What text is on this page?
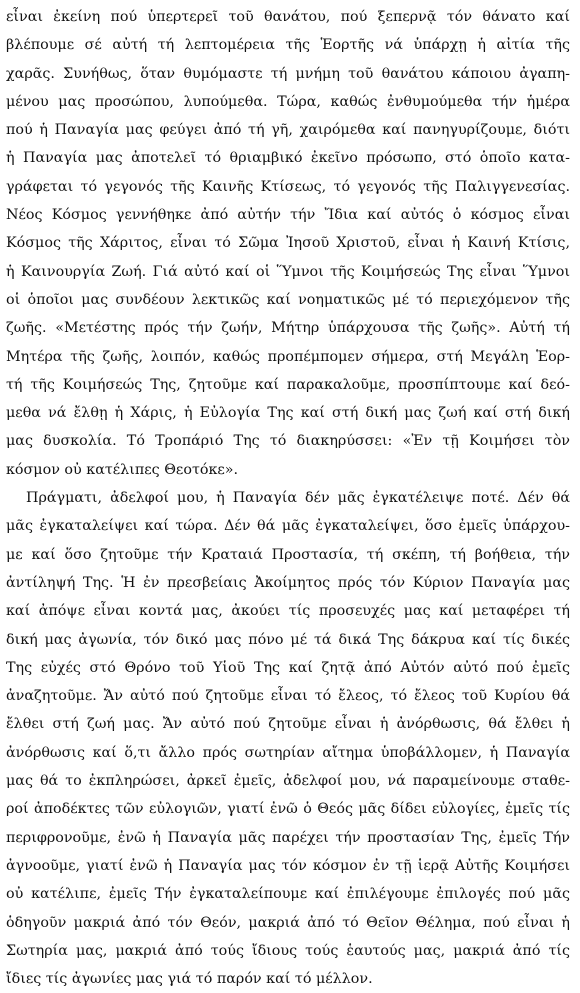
εἶναι ἐκείνη πού ὑπερτερεῖ τοῦ θανάτου, πού ξεπερνᾷ τόν θάνατο καί
βλέπουμε σέ αὐτή τή λεπτομέρεια τῆς Ἑορτῆς νά ὑπάρχῃ ἡ αἰτία τῆς
χαρᾶς. Συνήθως, ὅταν θυμόμαστε τή μνήμη τοῦ θανάτου κάποιου ἀγαπη-
μένου μας προσώπου, λυπούμεθα. Τώρα, καθώς ἐνθυμούμεθα τήν ἡμέρα
πού ἡ Παναγία μας φεύγει ἀπό τή γῆ, χαιρόμεθα καί πανηγυρίζουμε, διότι
ἡ Παναγία μας ἀποτελεῖ τό θριαμβικό ἐκεῖνο πρόσωπο, στό ὁποῖο κατα-
γράφεται τό γεγονός τῆς Καινῆς Κτίσεως, τό γεγονός τῆς Παλιγγενεσίας.
Νέος Κόσμος γεννήθηκε ἀπό αὐτήν τήν Ἴδια καί αὐτός ὁ κόσμος εἶναι
Κόσμος τῆς Χάριτος, εἶναι τό Σῶμα Ἰησοῦ Χριστοῦ, εἶναι ἡ Καινή Κτίσις,
ἡ Καινουργία Ζωή. Γιά αὐτό καί οἱ Ὕμνοι τῆς Κοιμήσεώς Της εἶναι Ὕμνοι
οἱ ὁποῖοι μας συνδέουν λεκτικῶς καί νοηματικῶς μέ τό περιεχόμενον τῆς
ζωῆς. «Μετέστης πρός τήν ζωήν, Μήτηρ ὑπάρχουσα τῆς ζωῆς». Αὐτή τή
Μητέρα τῆς ζωῆς, λοιπόν, καθώς προπέμπομεν σήμερα, στή Μεγάλη Ἑορ-
τή τῆς Κοιμήσεώς Της, ζητοῦμε καί παρακαλοῦμε, προσπίπτουμε καί δεό-
μεθα νά ἔλθῃ ἡ Χάρις, ἡ Εὐλογία Της καί στή δική μας ζωή καί στή δική
μας δυσκολία. Τό Τροπάριό Της τό διακηρύσσει: «Ἐν τῇ Κοιμήσει τὸν
κόσμον οὐ κατέλιπες Θεοτόκε».
Πράγματι, ἀδελφοί μου, ἡ Παναγία δέν μᾶς ἐγκατέλειψε ποτέ. Δέν θά
μᾶς ἐγκαταλείψει καί τώρα. Δέν θά μᾶς ἐγκαταλείψει, ὅσο ἐμεῖς ὑπάρχου-
με καί ὅσο ζητοῦμε τήν Κραταιά Προστασία, τή σκέπη, τή βοήθεια, τήν
ἀντίληψή Της. Ἡ ἐν πρεσβείαις Ἀκοίμητος πρός τόν Κύριον Παναγία μας
καί ἀπόψε εἶναι κοντά μας, ἀκούει τίς προσευχές μας καί μεταφέρει τή
δική μας ἀγωνία, τόν δικό μας πόνο μέ τά δικά Της δάκρυα καί τίς δικές
Της εὐχές στό Θρόνο τοῦ Υἱοῦ Της καί ζητᾷ ἀπό Αὐτόν αὐτό πού ἐμεῖς
ἀναζητοῦμε. Ἄν αὐτό πού ζητοῦμε εἶναι τό ἔλεος, τό ἔλεος τοῦ Κυρίου θά
ἔλθει στή ζωή μας. Ἄν αὐτό πού ζητοῦμε εἶναι ἡ ἀνόρθωσις, θά ἔλθει ἡ
ἀνόρθωσις καί ὅ,τι ἄλλο πρός σωτηρίαν αἴτημα ὑποβάλλομεν, ἡ Παναγία
μας θά το ἐκπληρώσει, ἀρκεῖ ἐμεῖς, ἀδελφοί μου, νά παραμείνουμε σταθε-
ροί ἀποδέκτες τῶν εὐλογιῶν, γιατί ἐνῶ ὁ Θεός μᾶς δίδει εὐλογίες, ἐμεῖς τίς
περιφρονοῦμε, ἐνῶ ἡ Παναγία μᾶς παρέχει τήν προστασίαν Της, ἐμεῖς Τήν
ἀγνοοῦμε, γιατί ἐνῶ ἡ Παναγία μας τόν κόσμον ἐν τῇ ἱερᾷ Αὐτῆς Κοιμήσει
οὐ κατέλιπε, ἐμεῖς Τήν ἐγκαταλείπουμε καί ἐπιλέγουμε ἐπιλογές πού μᾶς
ὁδηγοῦν μακριά ἀπό τόν Θεόν, μακριά ἀπό τό Θεῖον Θέλημα, πού εἶναι ἡ
Σωτηρία μας, μακριά ἀπό τούς ἴδιους τούς ἑαυτούς μας, μακριά ἀπό τίς
ἴδιες τίς ἀγωνίες μας γιά τό παρόν καί τό μέλλον.
